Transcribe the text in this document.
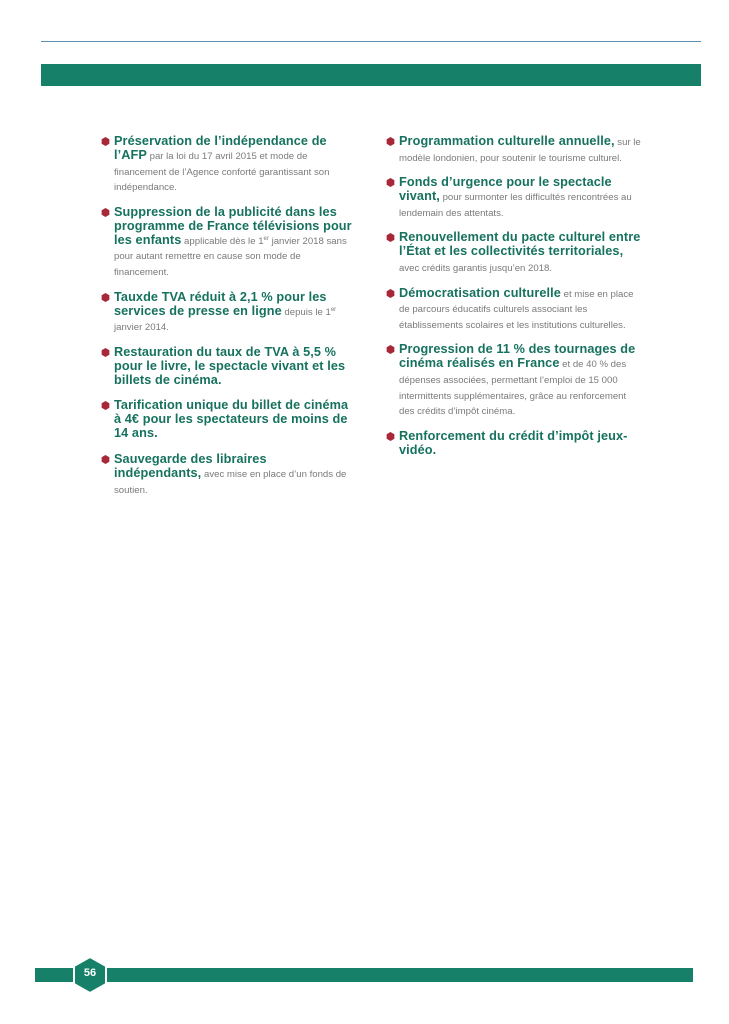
Préservation de l’indépendance de l’AFP par la loi du 17 avril 2015 et mode de financement de l’Agence conforté garantissant son indépendance.
Suppression de la publicité dans les programme de France télévisions pour les enfants applicable dès le 1er janvier 2018 sans pour autant remettre en cause son mode de financement.
Tauxde TVA réduit à 2,1 % pour les services de presse en ligne depuis le 1er janvier 2014.
Restauration du taux de TVA à 5,5 % pour le livre, le spectacle vivant et les billets de cinéma.
Tarification unique du billet de cinéma à 4€ pour les spectateurs de moins de 14 ans.
Sauvegarde des libraires indépendants, avec mise en place d’un fonds de soutien.
Programmation culturelle annuelle, sur le modèle londonien, pour soutenir le tourisme culturel.
Fonds d’urgence pour le spectacle vivant, pour surmonter les difficultés rencontrées au lendemain des attentats.
Renouvellement du pacte culturel entre l’État et les collectivités territoriales, avec crédits garantis jusqu’en 2018.
Démocratisation culturelle et mise en place de parcours éducatifs culturels associant les établissements scolaires et les institutions culturelles.
Progression de 11 % des tournages de cinéma réalisés en France et de 40 % des dépenses associées, permettant l’emploi de 15 000 intermittents supplémentaires, grâce au renforcement des crédits d’impôt cinéma.
Renforcement du crédit d’impôt jeux-vidéo.
56
